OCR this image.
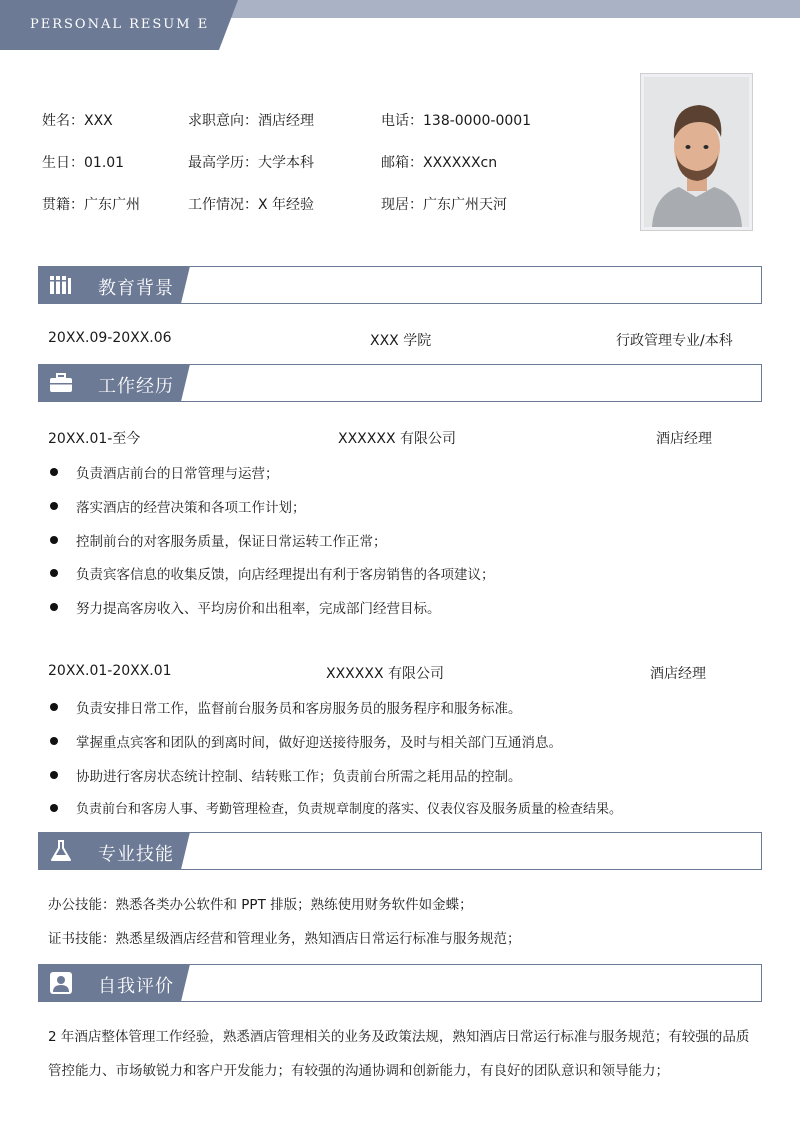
PERSONAL RESUM E
姓名：XXX	求职意向：酒店经理	电话：138-0000-0001
生日：01.01	最高学历：大学本科	邮箱：XXXXXXcn
贯籍：广东广州	工作情况：X 年经验	现居：广东广州天河
教育背景
20XX.09-20XX.06	XXX 学院	行政管理专业/本科
工作经历
20XX.01-至今	XXXXXX 有限公司	酒店经理
负责酒店前台的日常管理与运营；
落实酒店的经营决策和各项工作计划；
控制前台的对客服务质量，保证日常运转工作正常；
负责宾客信息的收集反馈，向店经理提出有利于客房销售的各项建议；
努力提高客房收入、平均房价和出租率，完成部门经营目标。
20XX.01-20XX.01	XXXXXX 有限公司	酒店经理
负责安排日常工作，监督前台服务员和客房服务员的服务程序和服务标准。
掌握重点宾客和团队的到离时间，做好迎送接待服务，及时与相关部门互通消息。
协助进行客房状态统计控制、结转账工作；负责前台所需之耗用品的控制。
负责前台和客房人事、考勤管理检查，负责规章制度的落实、仪表仪容及服务质量的检查结果。
专业技能
办公技能：熟悉各类办公软件和 PPT 排版；熟练使用财务软件如金蝶；
证书技能：熟悉星级酒店经营和管理业务，熟知酒店日常运行标准与服务规范；
自我评价
2 年酒店整体管理工作经验，熟悉酒店管理相关的业务及政策法规，熟知酒店日常运行标准与服务规范；有较强的品质管控能力、市场敏锐力和客户开发能力；有较强的沟通协调和创新能力，有良好的团队意识和领导能力；
